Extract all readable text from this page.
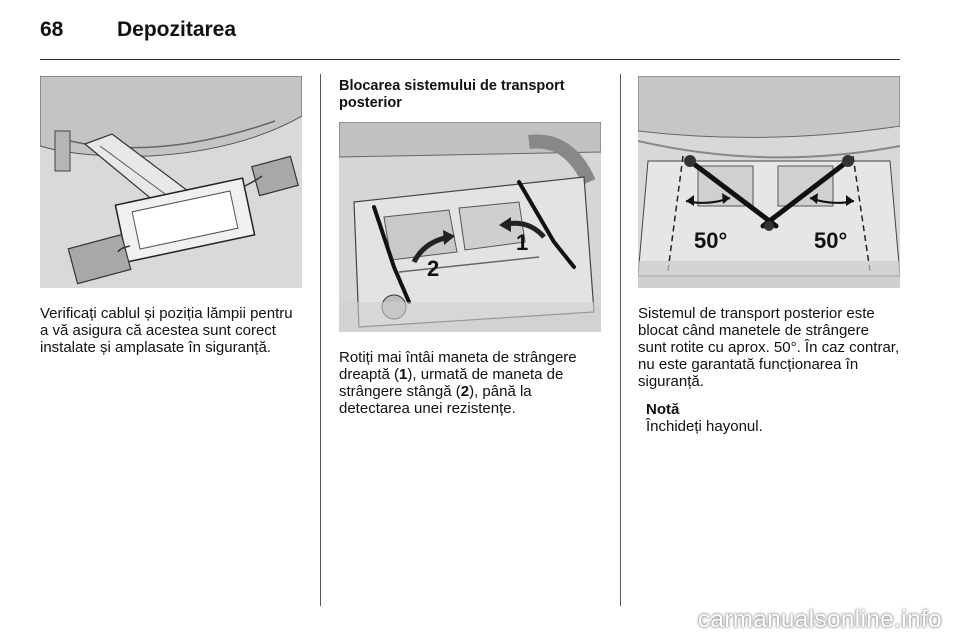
68	Depozitarea
Verificați cablul și poziția lămpii pentru a vă asigura că acestea sunt corect instalate și amplasate în siguranță.
Blocarea sistemului de transport posterior
2
1
Rotiți mai întâi maneta de strângere dreaptă (1), urmată de maneta de strângere stângă (2), până la detectarea unei rezistențe.
50°	50°
Sistemul de transport posterior este blocat când manetele de strângere sunt rotite cu aprox. 50°. În caz contrar, nu este garantată funcționarea în siguranță.
Notă
Închideți hayonul.
carmanualsonline.info
